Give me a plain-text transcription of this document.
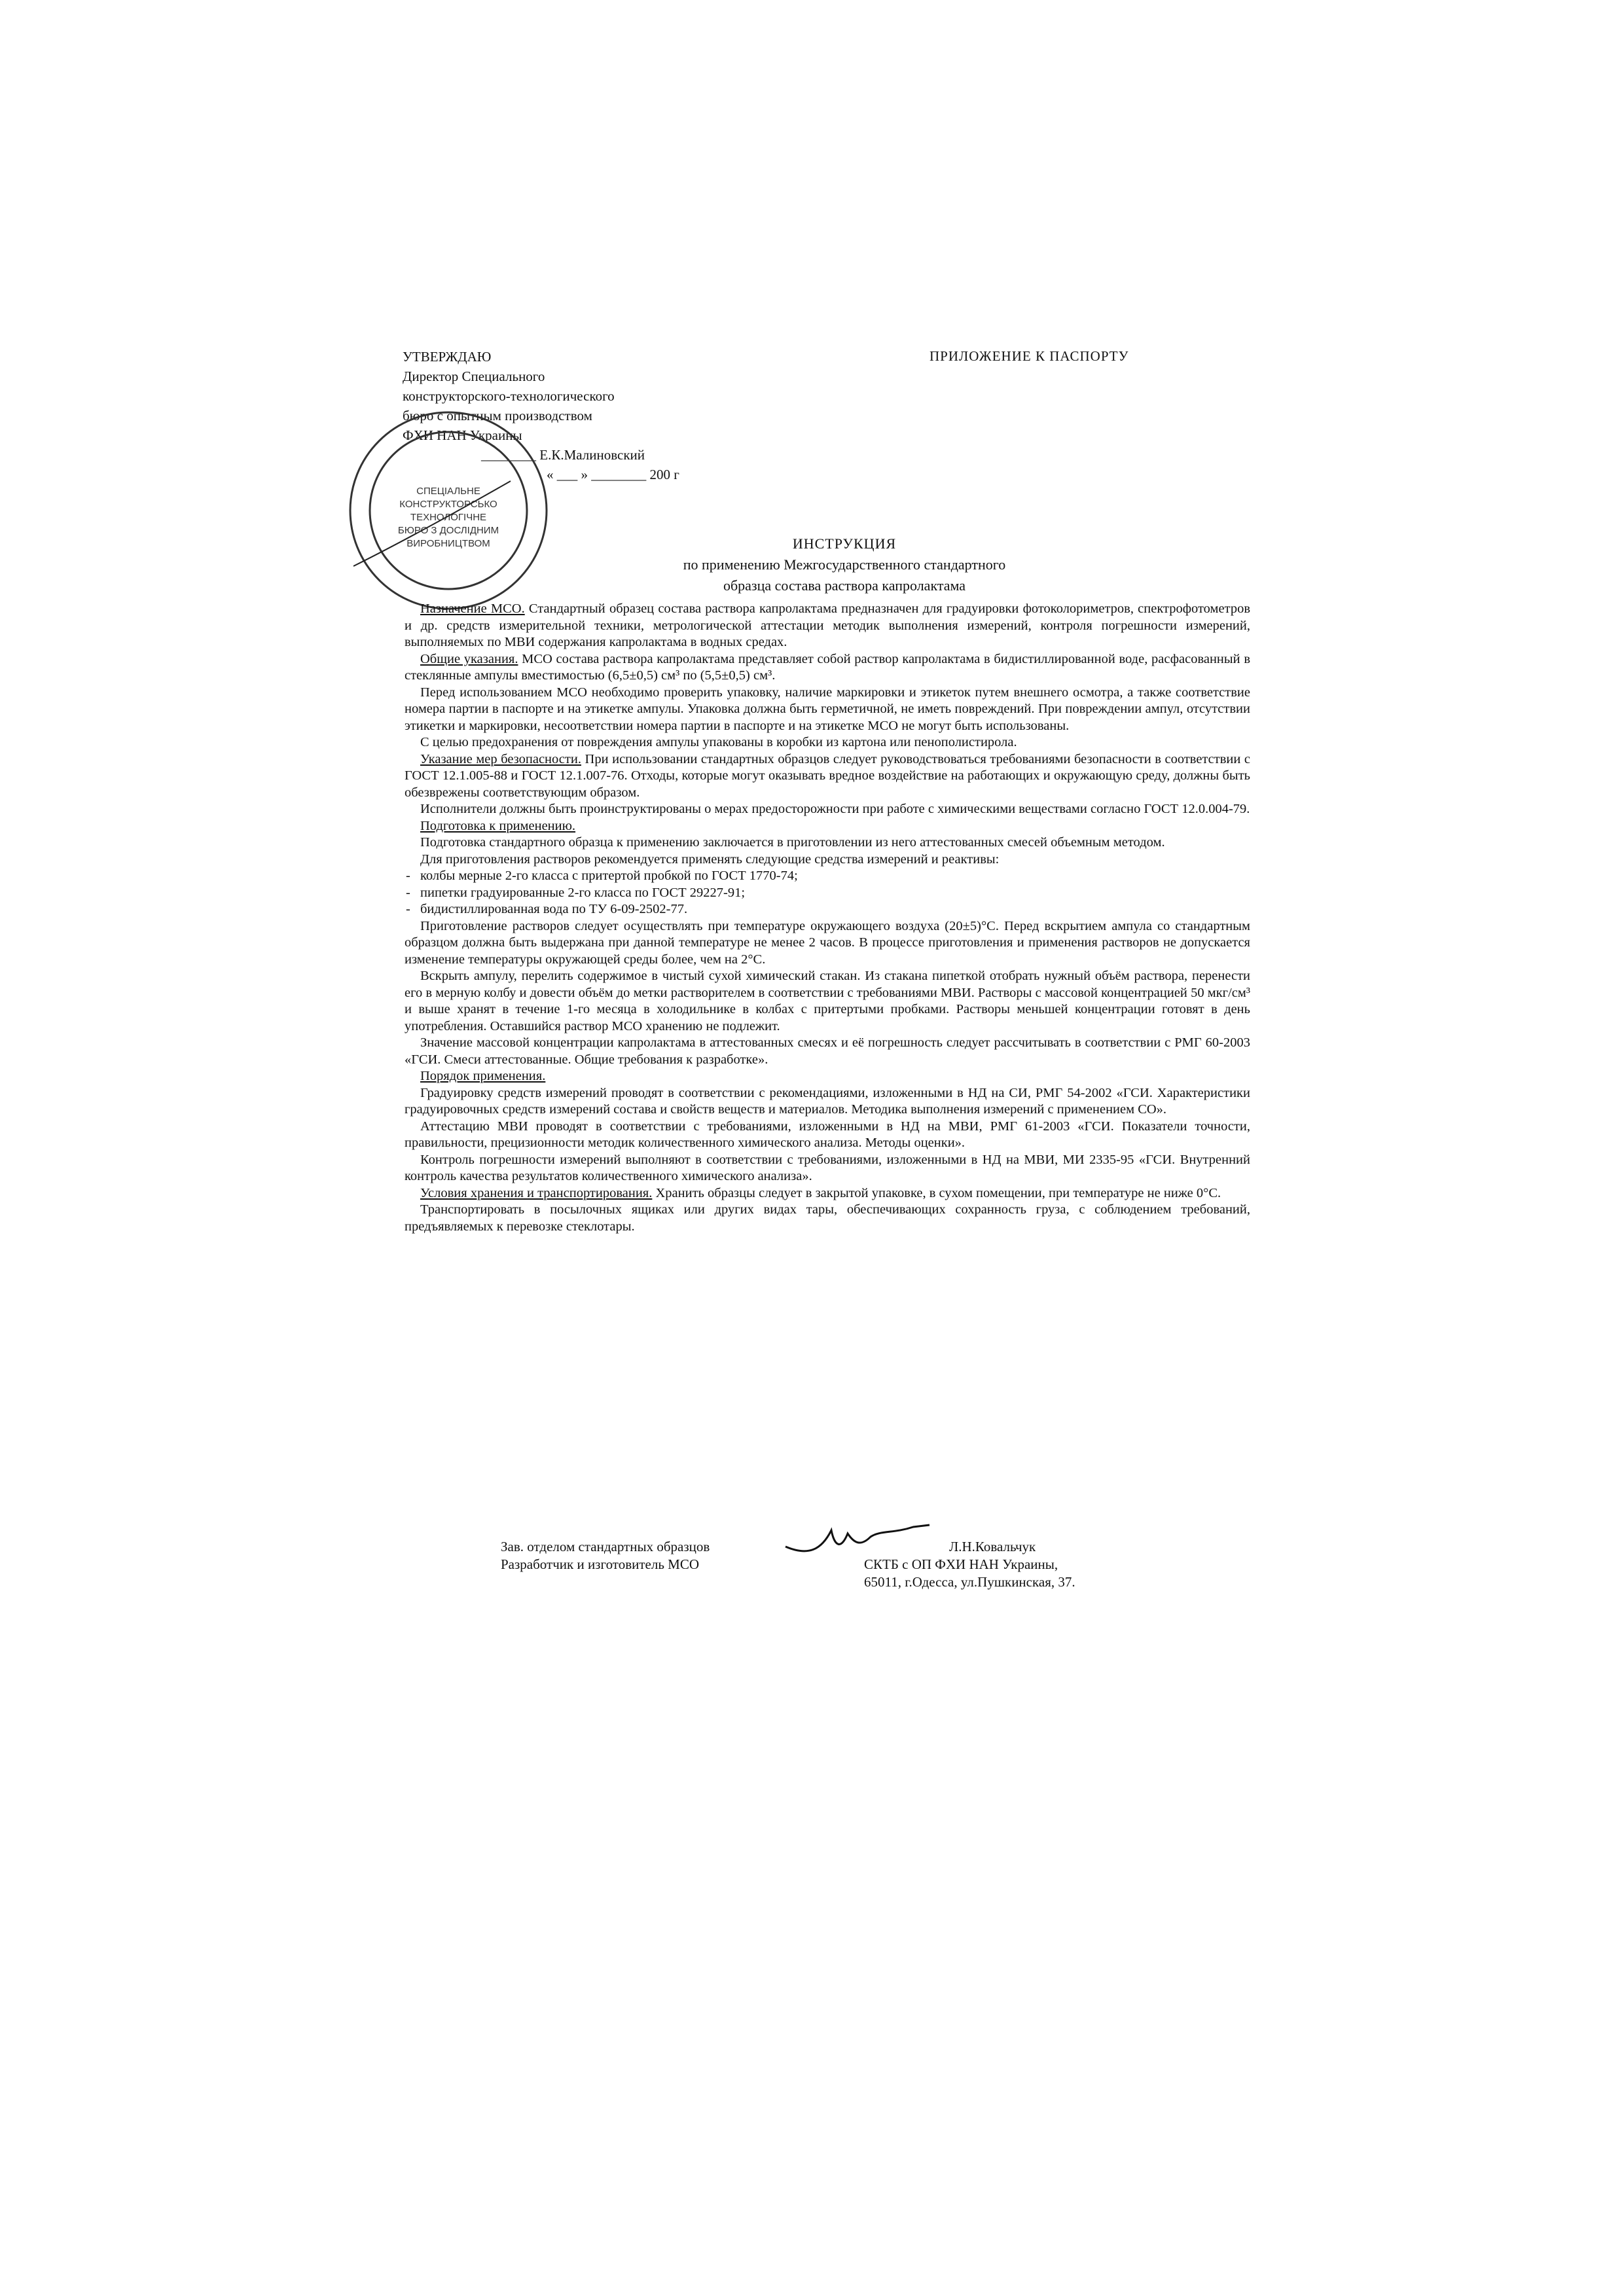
УТВЕРЖДАЮ
Директор Специального
конструкторского-технологического
бюро с опытным производством
ФХИ НАН Украины
________ Е.К.Малиновский
« ___ » ________ 200 г
СПЕЦІАЛЬНЕ
КОНСТРУКТОРСЬКО
ТЕХНОЛОГІЧНЕ
БЮРО З ДОСЛІДНИМ
ВИРОБНИЦТВОМ
ПРИЛОЖЕНИЕ К ПАСПОРТУ
ИНСТРУКЦИЯ
по применению Межгосударственного стандартного
образца состава раствора капролактама

Назначение МСО. Стандартный образец состава раствора капролактама предназначен для градуировки фотоколориметров, спектрофотометров и др. средств измерительной техники, метрологической аттестации методик выполнения измерений, контроля погрешности измерений, выполняемых по МВИ содержания капролактама в водных средах.

Общие указания. МСО состава раствора капролактама представляет собой раствор капролактама в бидистиллированной воде, расфасованный в стеклянные ампулы вместимостью (6,5±0,5) см³ по (5,5±0,5) см³.

Перед использованием МСО необходимо проверить упаковку, наличие маркировки и этикеток путем внешнего осмотра, а также соответствие номера партии в паспорте и на этикетке ампулы. Упаковка должна быть герметичной, не иметь повреждений. При повреждении ампул, отсутствии этикетки и маркировки, несоответствии номера партии в паспорте и на этикетке МСО не могут быть использованы.

С целью предохранения от повреждения ампулы упакованы в коробки из картона или пенополистирола.

Указание мер безопасности. При использовании стандартных образцов следует руководствоваться требованиями безопасности в соответствии с ГОСТ 12.1.005-88 и ГОСТ 12.1.007-76. Отходы, которые могут оказывать вредное воздействие на работающих и окружающую среду, должны быть обезврежены соответствующим образом.

Исполнители должны быть проинструктированы о мерах предосторожности при работе с химическими веществами согласно ГОСТ 12.0.004-79.

Подготовка к применению.

Подготовка стандартного образца к применению заключается в приготовлении из него аттестованных смесей объемным методом.

Для приготовления растворов рекомендуется применять следующие средства измерений и реактивы:

- колбы мерные 2-го класса с притертой пробкой по ГОСТ 1770-74;
- пипетки градуированные 2-го класса по ГОСТ 29227-91;
- бидистиллированная вода по ТУ 6-09-2502-77.

Приготовление растворов следует осуществлять при температуре окружающего воздуха (20±5)°С. Перед вскрытием ампула со стандартным образцом должна быть выдержана при данной температуре не менее 2 часов. В процессе приготовления и применения растворов не допускается изменение температуры окружающей среды более, чем на 2°С.

Вскрыть ампулу, перелить содержимое в чистый сухой химический стакан. Из стакана пипеткой отобрать нужный объём раствора, перенести его в мерную колбу и довести объём до метки растворителем в соответствии с требованиями МВИ. Растворы с массовой концентрацией 50 мкг/см³ и выше хранят в течение 1-го месяца в холодильнике в колбах с притертыми пробками. Растворы меньшей концентрации готовят в день употребления. Оставшийся раствор МСО хранению не подлежит.

Значение массовой концентрации капролактама в аттестованных смесях и её погрешность следует рассчитывать в соответствии с РМГ 60-2003 «ГСИ. Смеси аттестованные. Общие требования к разработке».

Порядок применения.

Градуировку средств измерений проводят в соответствии с рекомендациями, изложенными в НД на СИ, РМГ 54-2002 «ГСИ. Характеристики градуировочных средств измерений состава и свойств веществ и материалов. Методика выполнения измерений с применением СО».

Аттестацию МВИ проводят в соответствии с требованиями, изложенными в НД на МВИ, РМГ 61-2003 «ГСИ. Показатели точности, правильности, прецизионности методик количественного химического анализа. Методы оценки».

Контроль погрешности измерений выполняют в соответствии с требованиями, изложенными в НД на МВИ, МИ 2335-95 «ГСИ. Внутренний контроль качества результатов количественного химического анализа».

Условия хранения и транспортирования. Хранить образцы следует в закрытой упаковке, в сухом помещении, при температуре не ниже 0°С.

Транспортировать в посылочных ящиках или других видах тары, обеспечивающих сохранность груза, с соблюдением требований, предъявляемых к перевозке стеклотары.

Зав. отделом стандартных образцов
Разработчик и изготовитель МСО
Л.Н.Ковальчук
СКТБ с ОП ФХИ НАН Украины,
65011, г.Одесса, ул.Пушкинская, 37.
